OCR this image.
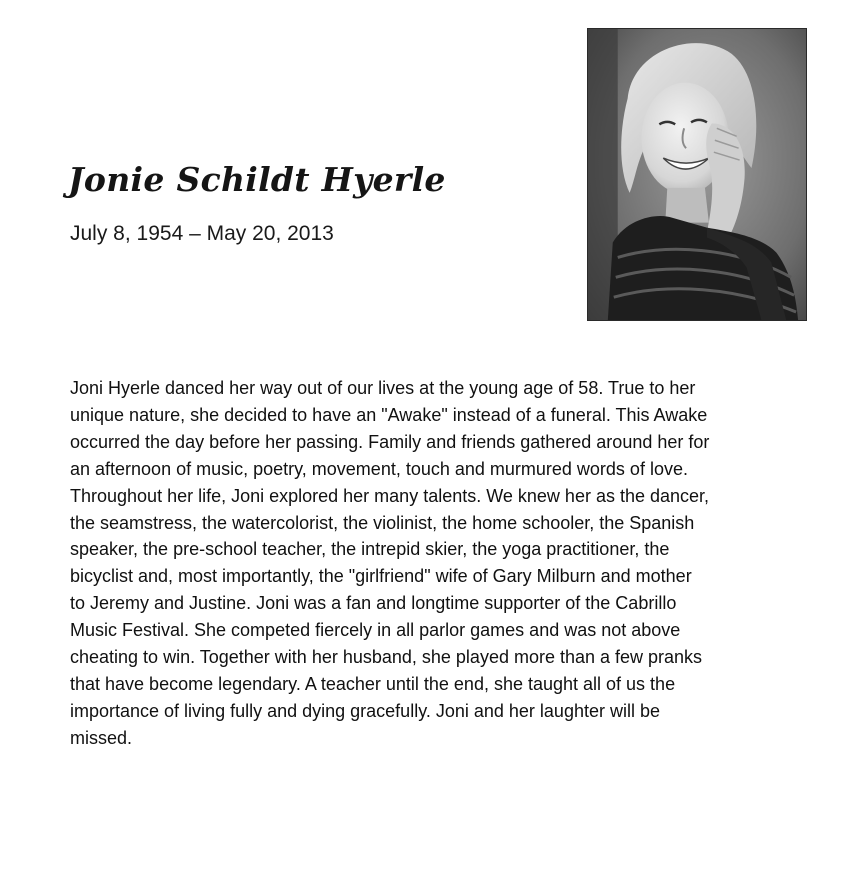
Jonie Schildt Hyerle
July 8, 1954 – May 20, 2013
Joni Hyerle danced her way out of our lives at the young age of 58. True to her
unique nature, she decided to have an "Awake" instead of a funeral. This Awake
occurred the day before her passing. Family and friends gathered around her for
an afternoon of music, poetry, movement, touch and murmured words of love.
Throughout her life, Joni explored her many talents. We knew her as the dancer,
the seamstress, the watercolorist, the violinist, the home schooler, the Spanish
speaker, the pre-school teacher, the intrepid skier, the yoga practitioner, the
bicyclist and, most importantly, the "girlfriend" wife of Gary Milburn and mother
to Jeremy and Justine. Joni was a fan and longtime supporter of the Cabrillo
Music Festival. She competed fiercely in all parlor games and was not above
cheating to win. Together with her husband, she played more than a few pranks
that have become legendary. A teacher until the end, she taught all of us the
importance of living fully and dying gracefully. Joni and her laughter will be
missed.
